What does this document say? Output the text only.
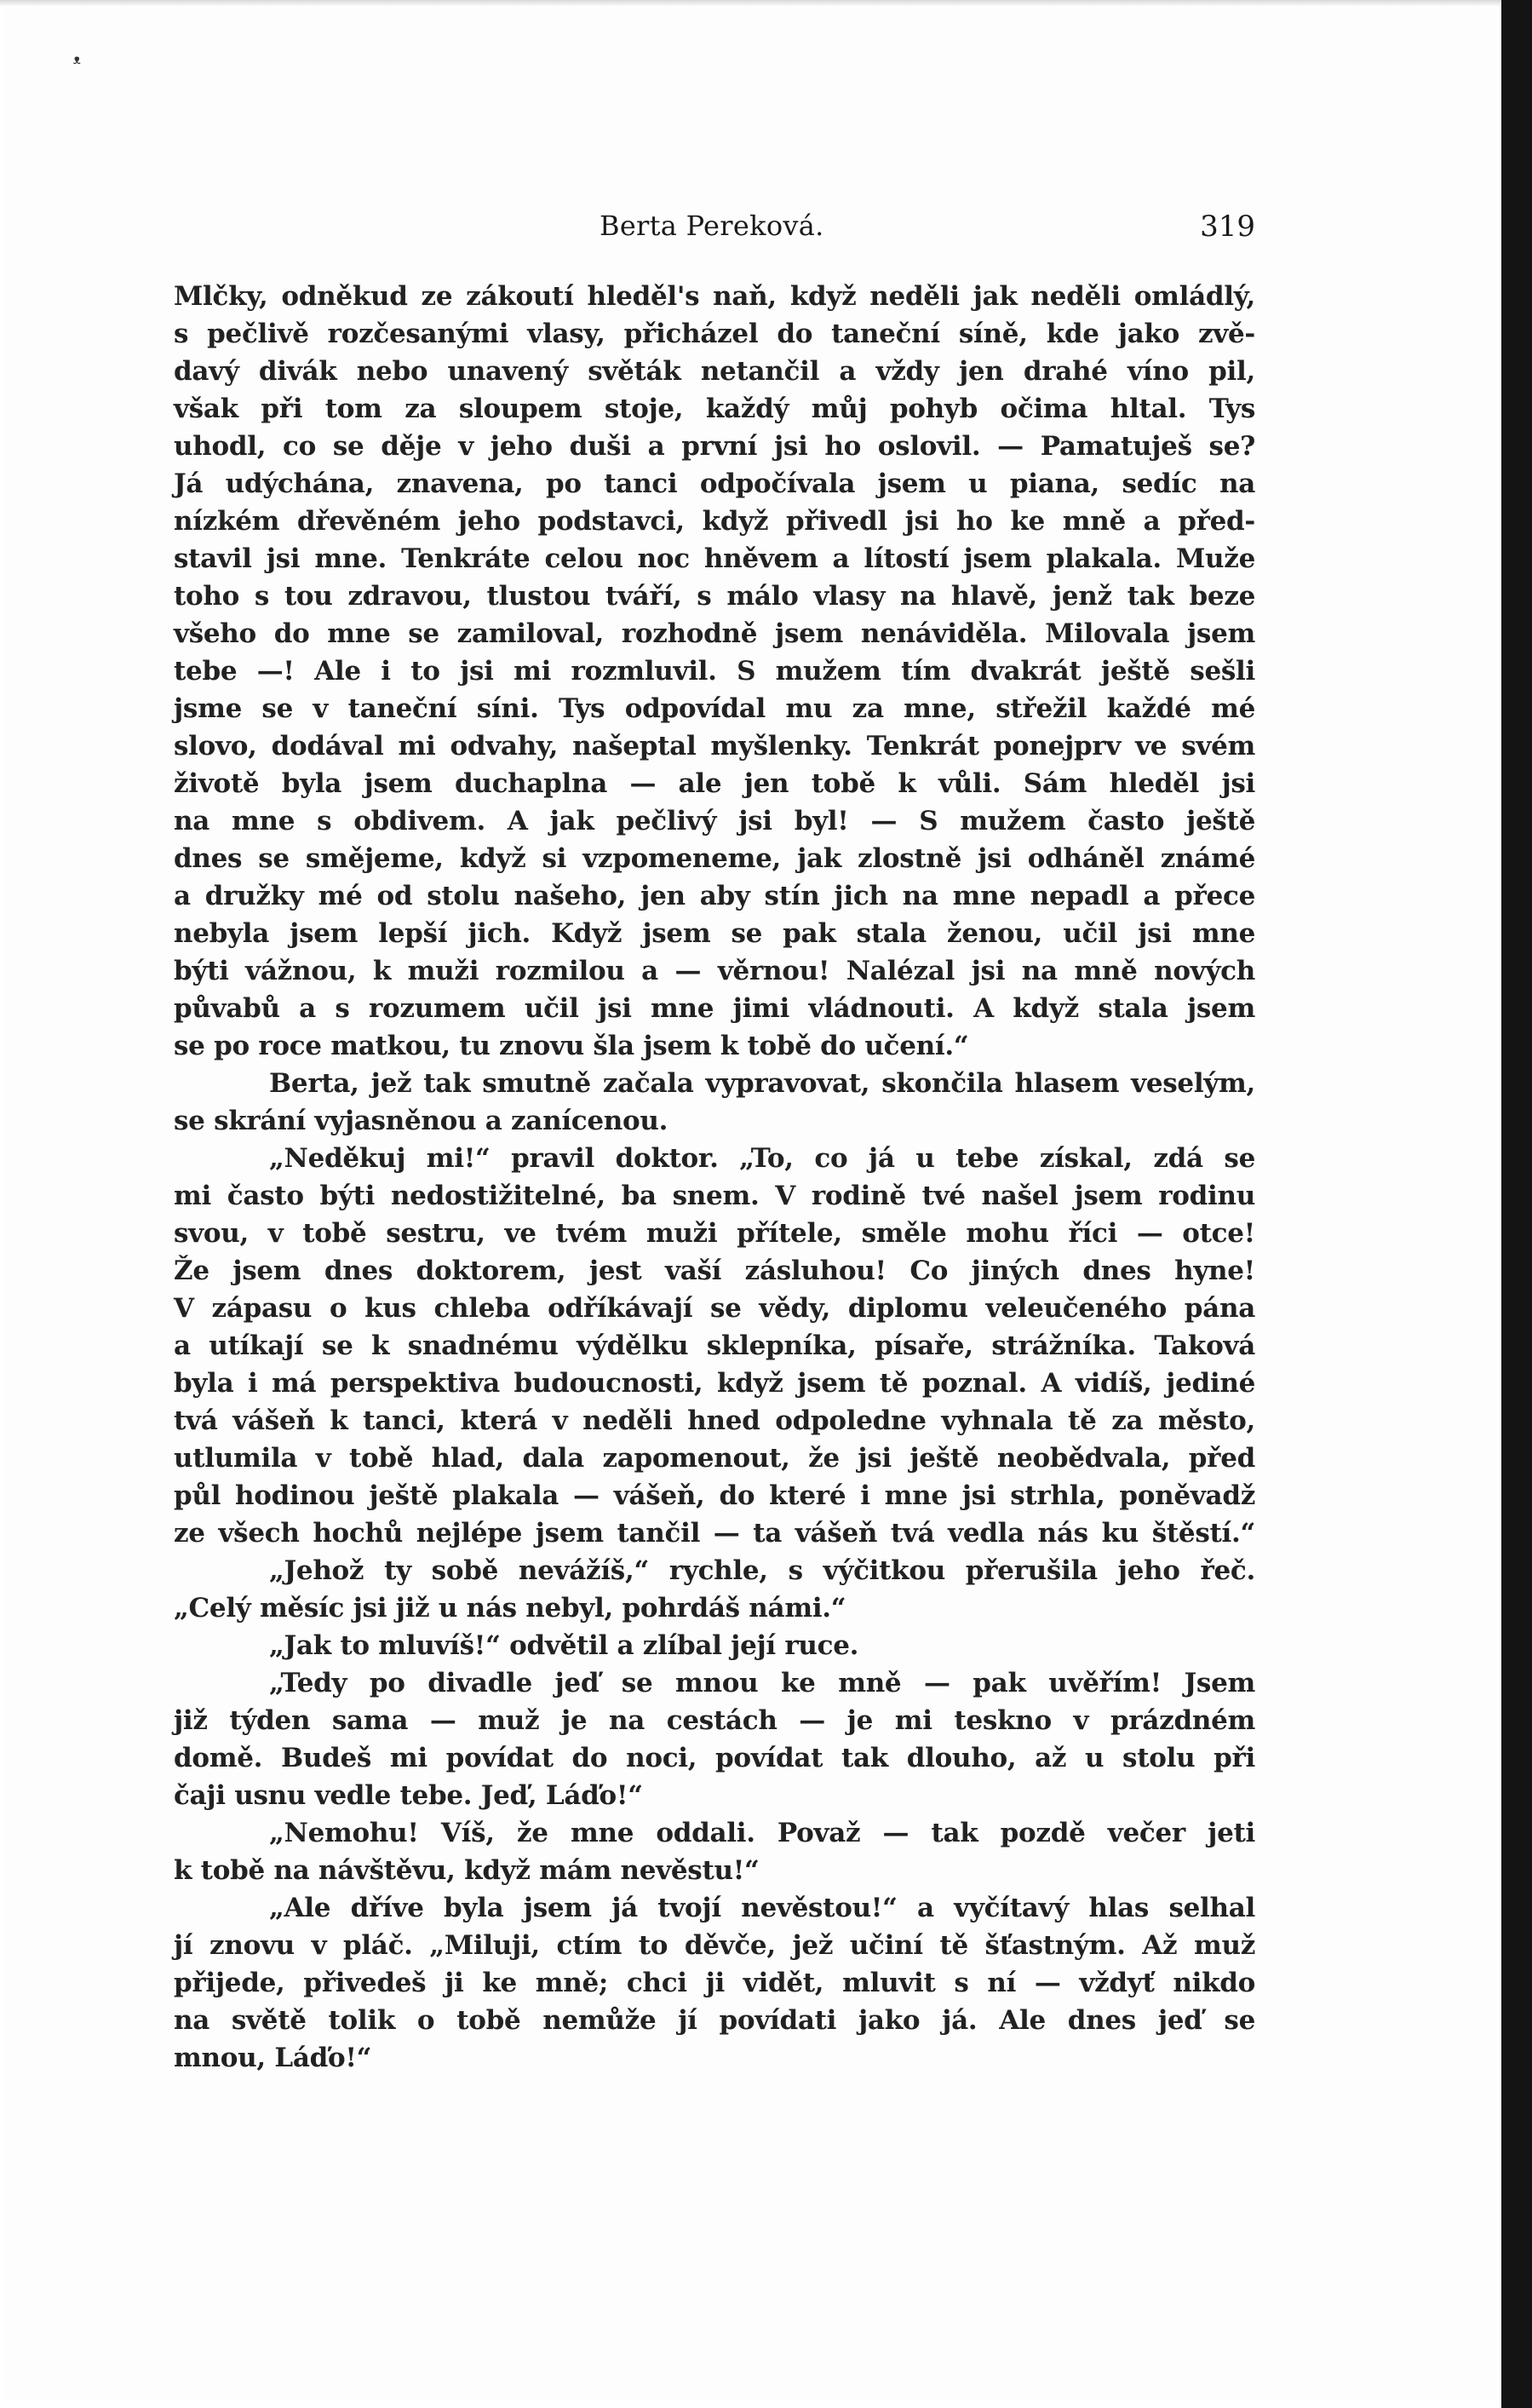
ᵜ
Berta Pereková.	319
Mlčky, odněkud ze zákoutí hleděl's naň, když neděli jak neděli omládlý,
s pečlivě rozčesanými vlasy, přicházel do taneční síně, kde jako zvě-
davý divák nebo unavený světák netančil a vždy jen drahé víno pil,
však při tom za sloupem stoje, každý můj pohyb očima hltal. Tys
uhodl, co se děje v jeho duši a první jsi ho oslovil. — Pamatuješ se?
Já udýchána, znavena, po tanci odpočívala jsem u piana, sedíc na
nízkém dřevěném jeho podstavci, když přivedl jsi ho ke mně a před-
stavil jsi mne. Tenkráte celou noc hněvem a lítostí jsem plakala. Muže
toho s tou zdravou, tlustou tváří, s málo vlasy na hlavě, jenž tak beze
všeho do mne se zamiloval, rozhodně jsem nenáviděla. Milovala jsem
tebe —! Ale i to jsi mi rozmluvil. S mužem tím dvakrát ještě sešli
jsme se v taneční síni. Tys odpovídal mu za mne, střežil každé mé
slovo, dodával mi odvahy, našeptal myšlenky. Tenkrát ponejprv ve svém
životě byla jsem duchaplna — ale jen tobě k vůli. Sám hleděl jsi
na mne s obdivem. A jak pečlivý jsi byl! — S mužem často ještě
dnes se smějeme, když si vzpomeneme, jak zlostně jsi odháněl známé
a družky mé od stolu našeho, jen aby stín jich na mne nepadl a přece
nebyla jsem lepší jich. Když jsem se pak stala ženou, učil jsi mne
býti vážnou, k muži rozmilou a — věrnou! Nalézal jsi na mně nových
půvabů a s rozumem učil jsi mne jimi vládnouti. A když stala jsem
se po roce matkou, tu znovu šla jsem k tobě do učení.“
Berta, jež tak smutně začala vypravovat, skončila hlasem veselým,
se skrání vyjasněnou a zanícenou.
„Neděkuj mi!“ pravil doktor. „To, co já u tebe získal, zdá se
mi často býti nedostižitelné, ba snem. V rodině tvé našel jsem rodinu
svou, v tobě sestru, ve tvém muži přítele, směle mohu říci — otce!
Že jsem dnes doktorem, jest vaší zásluhou! Co jiných dnes hyne!
V zápasu o kus chleba odříkávají se vědy, diplomu veleučeného pána
a utíkají se k snadnému výdělku sklepníka, písaře, strážníka. Taková
byla i má perspektiva budoucnosti, když jsem tě poznal. A vidíš, jediné
tvá vášeň k tanci, která v neděli hned odpoledne vyhnala tě za město,
utlumila v tobě hlad, dala zapomenout, že jsi ještě neobědvala, před
půl hodinou ještě plakala — vášeň, do které i mne jsi strhla, poněvadž
ze všech hochů nejlépe jsem tančil — ta vášeň tvá vedla nás ku štěstí.“
„Jehož ty sobě nevážíš,“ rychle, s výčitkou přerušila jeho řeč.
„Celý měsíc jsi již u nás nebyl, pohrdáš námi.“
„Jak to mluvíš!“ odvětil a zlíbal její ruce.
„Tedy po divadle jeď se mnou ke mně — pak uvěřím! Jsem
již týden sama — muž je na cestách — je mi teskno v prázdném
domě. Budeš mi povídat do noci, povídat tak dlouho, až u stolu při
čaji usnu vedle tebe. Jeď, Láďo!“
„Nemohu! Víš, že mne oddali. Považ — tak pozdě večer jeti
k tobě na návštěvu, když mám nevěstu!“
„Ale dříve byla jsem já tvojí nevěstou!“ a vyčítavý hlas selhal
jí znovu v pláč. „Miluji, ctím to děvče, jež učiní tě šťastným. Až muž
přijede, přivedeš ji ke mně; chci ji vidět, mluvit s ní — vždyť nikdo
na světě tolik o tobě nemůže jí povídati jako já. Ale dnes jeď se
mnou, Láďo!“
